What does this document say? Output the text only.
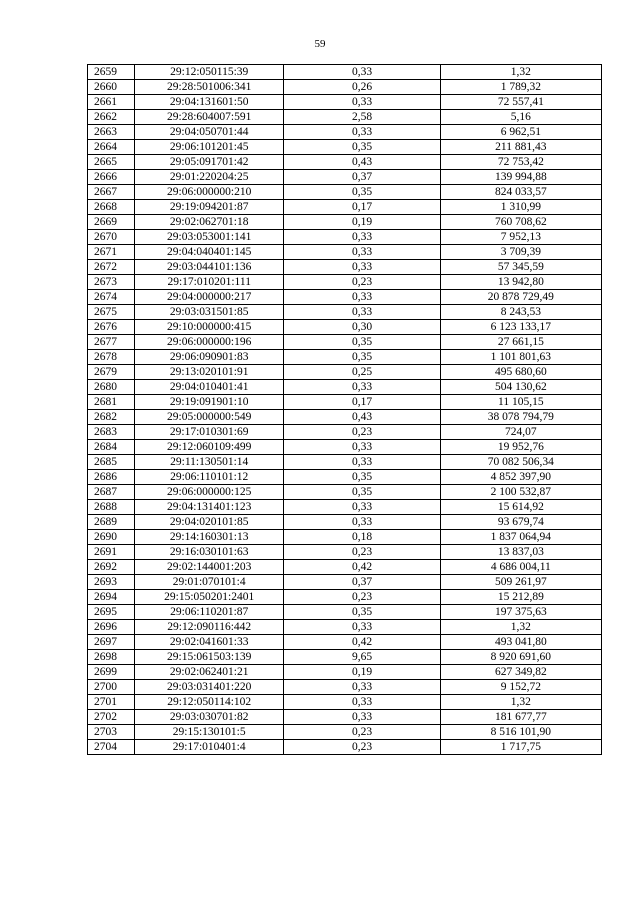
59
2659	29:12:050115:39	0,33	1,32
2660	29:28:501006:341	0,26	1 789,32
2661	29:04:131601:50	0,33	72 557,41
2662	29:28:604007:591	2,58	5,16
2663	29:04:050701:44	0,33	6 962,51
2664	29:06:101201:45	0,35	211 881,43
2665	29:05:091701:42	0,43	72 753,42
2666	29:01:220204:25	0,37	139 994,88
2667	29:06:000000:210	0,35	824 033,57
2668	29:19:094201:87	0,17	1 310,99
2669	29:02:062701:18	0,19	760 708,62
2670	29:03:053001:141	0,33	7 952,13
2671	29:04:040401:145	0,33	3 709,39
2672	29:03:044101:136	0,33	57 345,59
2673	29:17:010201:111	0,23	13 942,80
2674	29:04:000000:217	0,33	20 878 729,49
2675	29:03:031501:85	0,33	8 243,53
2676	29:10:000000:415	0,30	6 123 133,17
2677	29:06:000000:196	0,35	27 661,15
2678	29:06:090901:83	0,35	1 101 801,63
2679	29:13:020101:91	0,25	495 680,60
2680	29:04:010401:41	0,33	504 130,62
2681	29:19:091901:10	0,17	11 105,15
2682	29:05:000000:549	0,43	38 078 794,79
2683	29:17:010301:69	0,23	724,07
2684	29:12:060109:499	0,33	19 952,76
2685	29:11:130501:14	0,33	70 082 506,34
2686	29:06:110101:12	0,35	4 852 397,90
2687	29:06:000000:125	0,35	2 100 532,87
2688	29:04:131401:123	0,33	15 614,92
2689	29:04:020101:85	0,33	93 679,74
2690	29:14:160301:13	0,18	1 837 064,94
2691	29:16:030101:63	0,23	13 837,03
2692	29:02:144001:203	0,42	4 686 004,11
2693	29:01:070101:4	0,37	509 261,97
2694	29:15:050201:2401	0,23	15 212,89
2695	29:06:110201:87	0,35	197 375,63
2696	29:12:090116:442	0,33	1,32
2697	29:02:041601:33	0,42	493 041,80
2698	29:15:061503:139	9,65	8 920 691,60
2699	29:02:062401:21	0,19	627 349,82
2700	29:03:031401:220	0,33	9 152,72
2701	29:12:050114:102	0,33	1,32
2702	29:03:030701:82	0,33	181 677,77
2703	29:15:130101:5	0,23	8 516 101,90
2704	29:17:010401:4	0,23	1 717,75
